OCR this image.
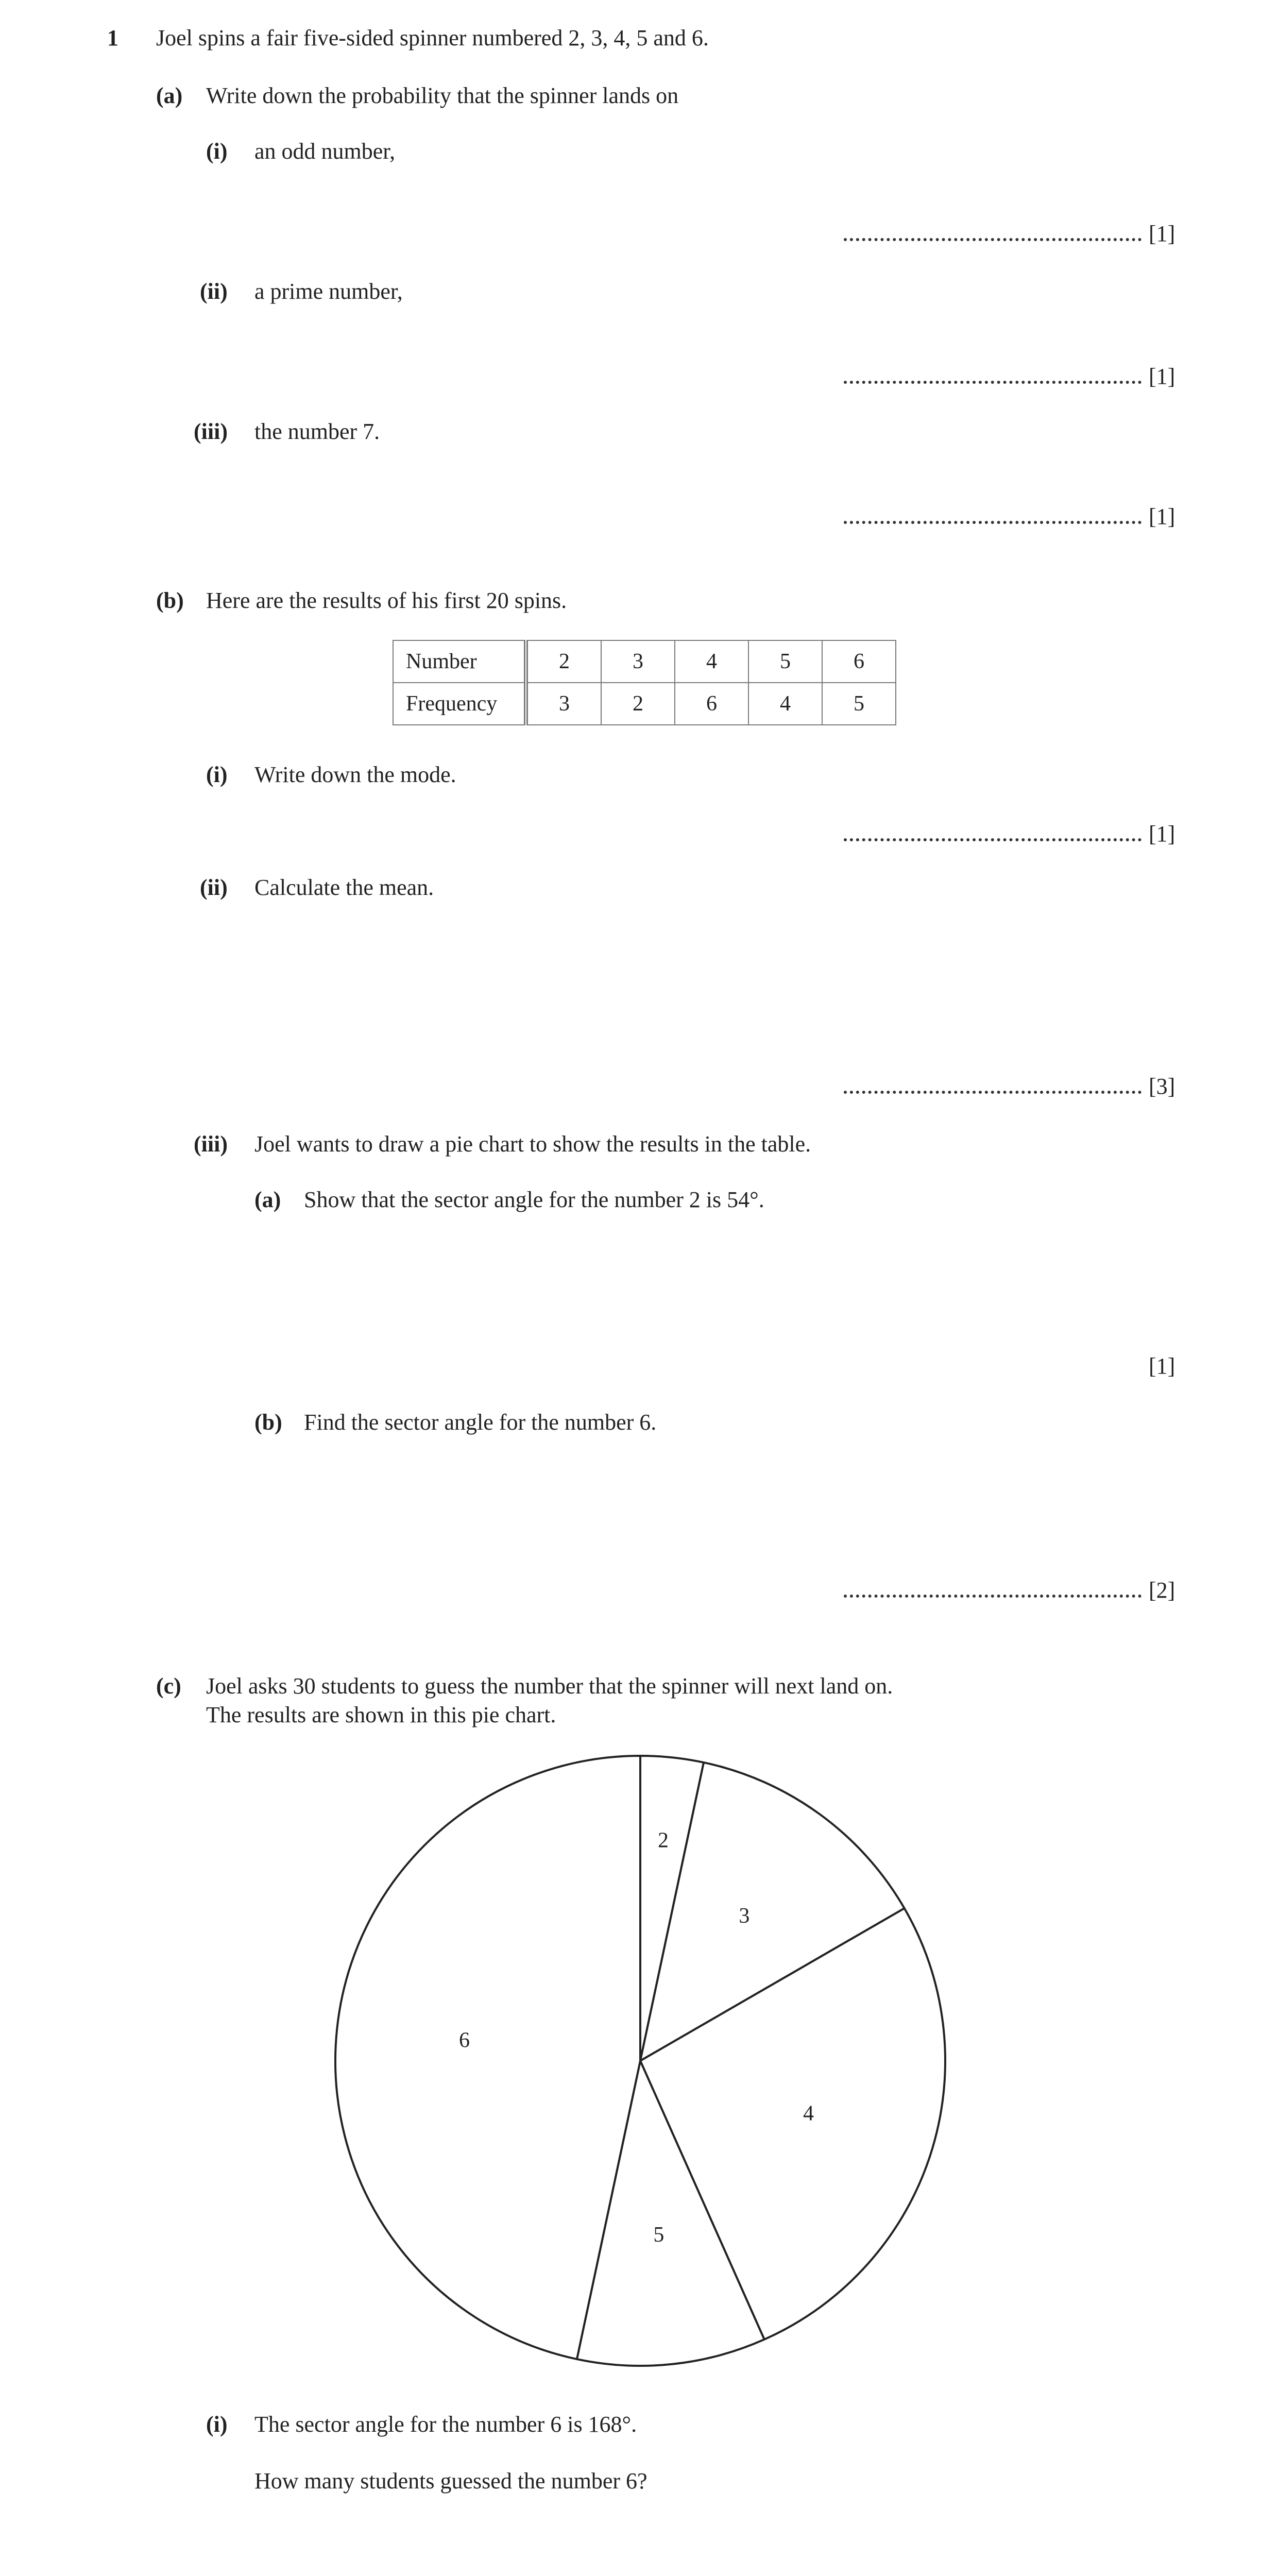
1 Joel spins a fair five-sided spinner numbered 2, 3, 4, 5 and 6.
(a) Write down the probability that the spinner lands on
(i) an odd number,
[1]
(ii) a prime number,
[1]
(iii) the number 7.
[1]
(b) Here are the results of his first 20 spins.
Number	2	3	4	5	6
Frequency	3	2	6	4	5
(i) Write down the mode.
[1]
(ii) Calculate the mean.
[3]
(iii) Joel wants to draw a pie chart to show the results in the table.
(a) Show that the sector angle for the number 2 is 54°.
[1]
(b) Find the sector angle for the number 6.
[2]
(c) Joel asks 30 students to guess the number that the spinner will next land on.
The results are shown in this pie chart.
2
3
4
5
6
(i) The sector angle for the number 6 is 168°.
How many students guessed the number 6?
